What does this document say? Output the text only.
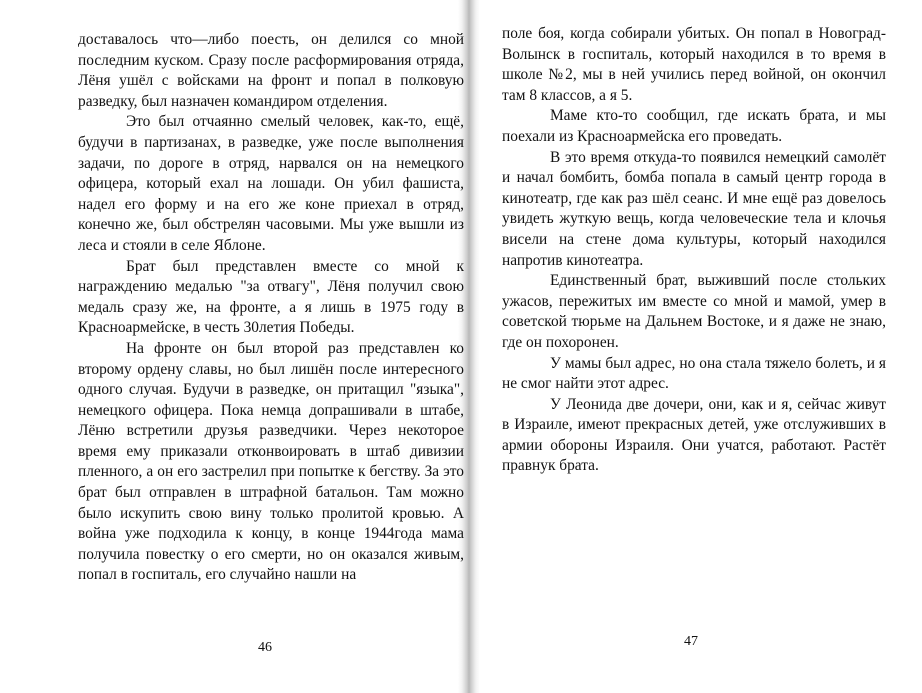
доставалось что—либо поесть, он делился со мной последним куском. Сразу после расформирования отряда, Лёня ушёл с войсками на фронт и попал в полковую разведку, был назначен командиром отделения.

Это был отчаянно смелый человек, как-то, ещё, будучи в партизанах, в разведке, уже после выполнения задачи, по дороге в отряд, нарвался он на немецкого офицера, который ехал на лошади. Он убил фашиста, надел его форму и на его же коне приехал в отряд, конечно же, был обстрелян часовыми. Мы уже вышли из леса и стояли в селе Яблоне.

Брат был представлен вместе со мной к награждению медалью "за отвагу", Лёня получил свою медаль сразу же, на фронте, а я лишь в 1975 году в Красноармейске, в честь 30летия Победы.

На фронте он был второй раз представлен ко второму ордену славы, но был лишён после интересного одного случая. Будучи в разведке, он притащил "языка", немецкого офицера. Пока немца допрашивали в штабе, Лёню встретили друзья разведчики. Через некоторое время ему приказали отконвоировать в штаб дивизии пленного, а он его застрелил при попытке к бегству. За это брат был отправлен в штрафной батальон. Там можно было искупить свою вину только пролитой кровью. А война уже подходила к концу, в конце 1944года мама получила повестку о его смерти, но он оказался живым, попал в госпиталь, его случайно нашли на

46

поле боя, когда собирали убитых. Он попал в Новоград-Волынск в госпиталь, который находился в то время в школе №2, мы в ней учились перед войной, он окончил там 8 классов, а я 5.

Маме кто-то сообщил, где искать брата, и мы поехали из Красноармейска его проведать.

В это время откуда-то появился немецкий самолёт и начал бомбить, бомба попала в самый центр города в кинотеатр, где как раз шёл сеанс. И мне ещё раз довелось увидеть жуткую вещь, когда человеческие тела и клочья висели на стене дома культуры, который находился напротив кинотеатра.

Единственный брат, выживший после стольких ужасов, пережитых им вместе со мной и мамой, умер в советской тюрьме на Дальнем Востоке, и я даже не знаю, где он похоронен.

У мамы был адрес, но она стала тяжело болеть, и я не смог найти этот адрес.

У Леонида две дочери, они, как и я, сейчас живут в Израиле, имеют прекрасных детей, уже отслуживших в армии обороны Израиля. Они учатся, работают. Растёт правнук брата.

47
